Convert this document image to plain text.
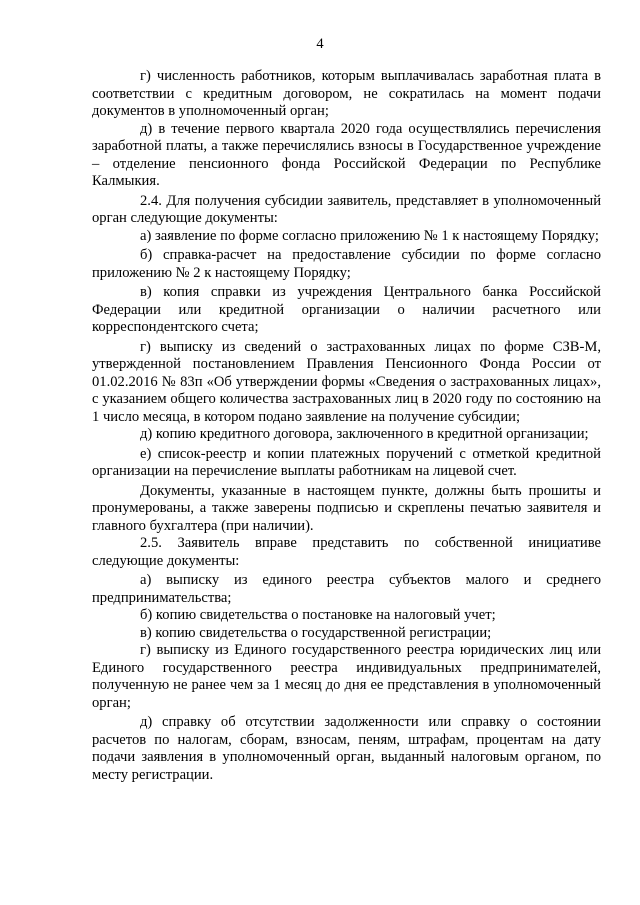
4

г) численность работников, которым выплачивалась заработная плата в соответствии с кредитным договором, не сократилась на момент подачи документов в уполномоченный орган;

д) в течение первого квартала 2020 года осуществлялись перечисления заработной платы, а также перечислялись взносы в Государственное учреждение – отделение пенсионного фонда Российской Федерации по Республике Калмыкия.

2.4. Для получения субсидии заявитель, представляет в уполномоченный орган следующие документы:

а) заявление по форме согласно приложению № 1 к настоящему Порядку;

б) справка-расчет на предоставление субсидии по форме согласно приложению № 2 к настоящему Порядку;

в) копия справки из учреждения Центрального банка Российской Федерации или кредитной организации о наличии расчетного или корреспондентского счета;

г) выписку из сведений о застрахованных лицах по форме СЗВ-М, утвержденной постановлением Правления Пенсионного Фонда России от 01.02.2016 № 83п «Об утверждении формы «Сведения о застрахованных лицах», с указанием общего количества застрахованных лиц в 2020 году по состоянию на 1 число месяца, в котором подано заявление на получение субсидии;

д) копию кредитного договора, заключенного в кредитной организации;

е) список-реестр и копии платежных поручений с отметкой кредитной организации на перечисление выплаты работникам на лицевой счет.

Документы, указанные в настоящем пункте, должны быть прошиты и пронумерованы, а также заверены подписью и скреплены печатью заявителя и главного бухгалтера (при наличии).

2.5. Заявитель вправе представить по собственной инициативе следующие документы:

а) выписку из единого реестра субъектов малого и среднего предпринимательства;

б) копию свидетельства о постановке на налоговый учет;

в) копию свидетельства о государственной регистрации;

г) выписку из Единого государственного реестра юридических лиц или Единого государственного реестра индивидуальных предпринимателей, полученную не ранее чем за 1 месяц до дня ее представления в уполномоченный орган;

д) справку об отсутствии задолженности или справку о состоянии расчетов по налогам, сборам, взносам, пеням, штрафам, процентам на дату подачи заявления в уполномоченный орган, выданный налоговым органом, по месту регистрации.
